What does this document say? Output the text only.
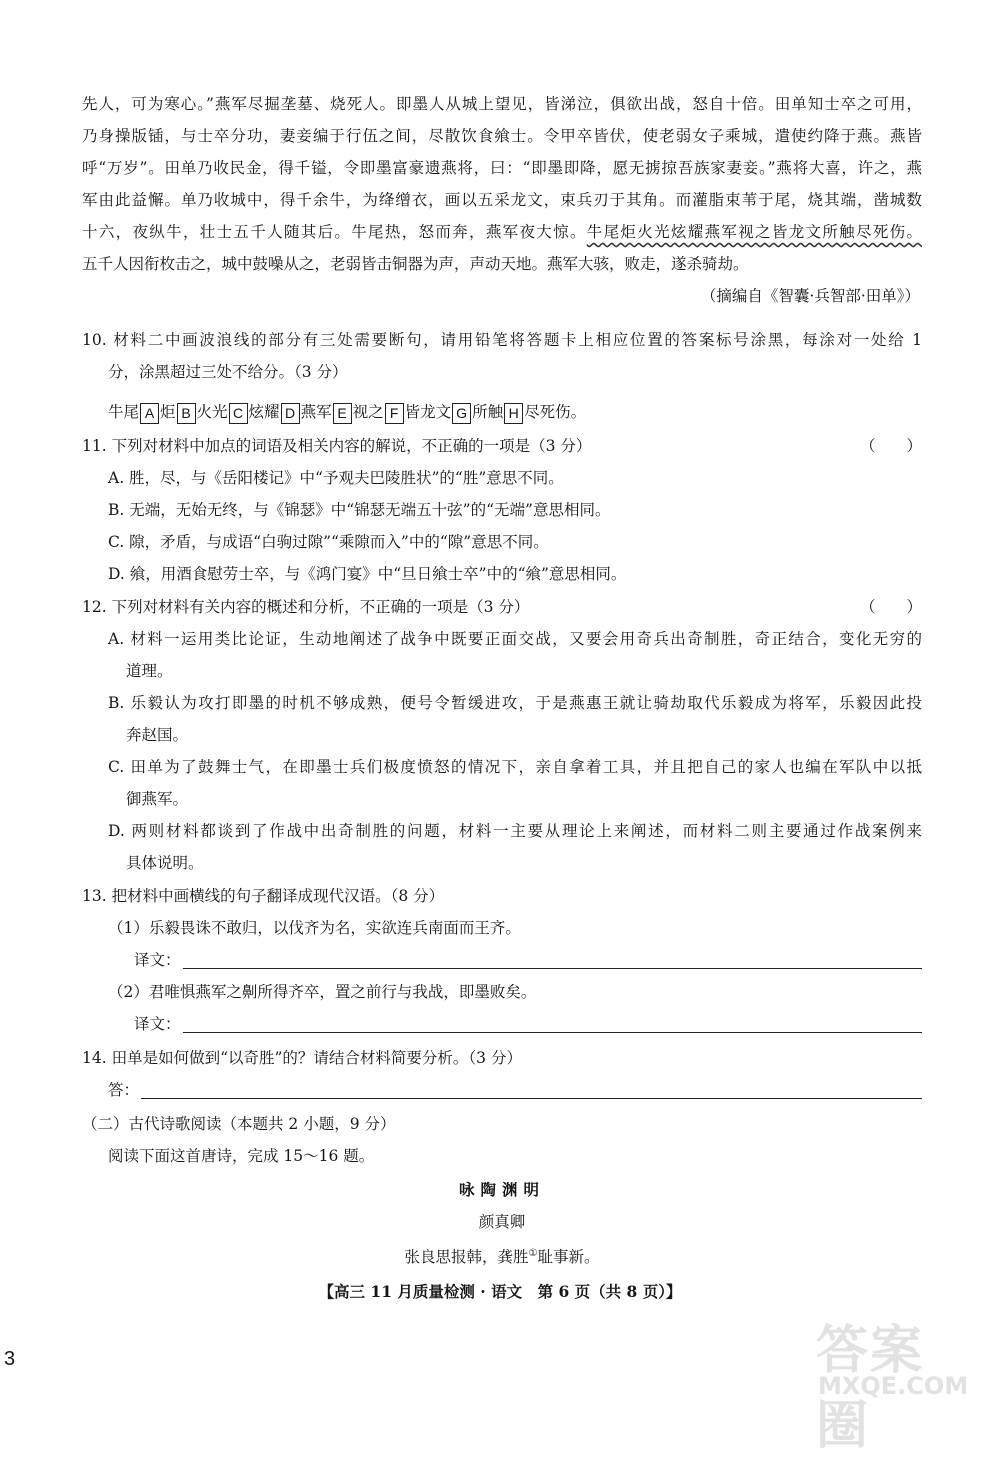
先人，可为寒心。”燕军尽掘垄墓、烧死人。即墨人从城上望见，皆涕泣，俱欲出战，怒自十倍。田单知士卒之可用，
乃身操版锸，与士卒分功，妻妾编于行伍之间，尽散饮食飨士。令甲卒皆伏，使老弱女子乘城，遣使约降于燕。燕皆
呼“万岁”。田单乃收民金，得千镒，令即墨富豪遗燕将，曰：“即墨即降，愿无掳掠吾族家妻妾。”燕将大喜，许之，燕
军由此益懈。单乃收城中，得千余牛，为绛缯衣，画以五采龙文，束兵刃于其角。而灌脂束苇于尾，烧其端，凿城数
十六，夜纵牛，壮士五千人随其后。牛尾热，怒而奔，燕军夜大惊。牛尾炬火光炫耀燕军视之皆龙文所触尽死伤。
五千人因衔枚击之，城中鼓噪从之，老弱皆击铜器为声，声动天地。燕军大骇，败走，遂杀骑劫。
（摘编自《智囊·兵智部·田单》）
10. 材料二中画波浪线的部分有三处需要断句，请用铅笔将答题卡上相应位置的答案标号涂黑，每涂对一处给 1
分，涂黑超过三处不给分。（3 分）
牛尾 A 炬 B 火光 C 炫耀 D 燕军 E 视之 F 皆龙文 G 所触 H 尽死伤。
11. 下列对材料中加点的词语及相关内容的解说，不正确的一项是（3 分）	（　　）
A. 胜，尽，与《岳阳楼记》中“予观夫巴陵胜状”的“胜”意思不同。
B. 无端，无始无终，与《锦瑟》中“锦瑟无端五十弦”的“无端”意思相同。
C. 隙，矛盾，与成语“白驹过隙”“乘隙而入”中的“隙”意思不同。
D. 飨，用酒食慰劳士卒，与《鸿门宴》中“旦日飨士卒”中的“飨”意思相同。
12. 下列对材料有关内容的概述和分析，不正确的一项是（3 分）	（　　）
A. 材料一运用类比论证，生动地阐述了战争中既要正面交战，又要会用奇兵出奇制胜，奇正结合，变化无穷的
道理。
B. 乐毅认为攻打即墨的时机不够成熟，便号令暂缓进攻，于是燕惠王就让骑劫取代乐毅成为将军，乐毅因此投
奔赵国。
C. 田单为了鼓舞士气，在即墨士兵们极度愤怒的情况下，亲自拿着工具，并且把自己的家人也编在军队中以抵
御燕军。
D. 两则材料都谈到了作战中出奇制胜的问题，材料一主要从理论上来阐述，而材料二则主要通过作战案例来
具体说明。
13. 把材料中画横线的句子翻译成现代汉语。（8 分）
（1）乐毅畏诛不敢归，以伐齐为名，实欲连兵南面而王齐。
译文：
（2）君唯惧燕军之劓所得齐卒，置之前行与我战，即墨败矣。
译文：
14. 田单是如何做到“以奇胜”的？请结合材料简要分析。（3 分）
答：
（二）古代诗歌阅读（本题共 2 小题，9 分）
阅读下面这首唐诗，完成 15～16 题。
咏陶渊明
颜真卿
张良思报韩，龚胜①耻事新。
【高三 11 月质量检测 · 语文　第 6 页（共 8 页）】
3	答案圈
MXQE.COM
